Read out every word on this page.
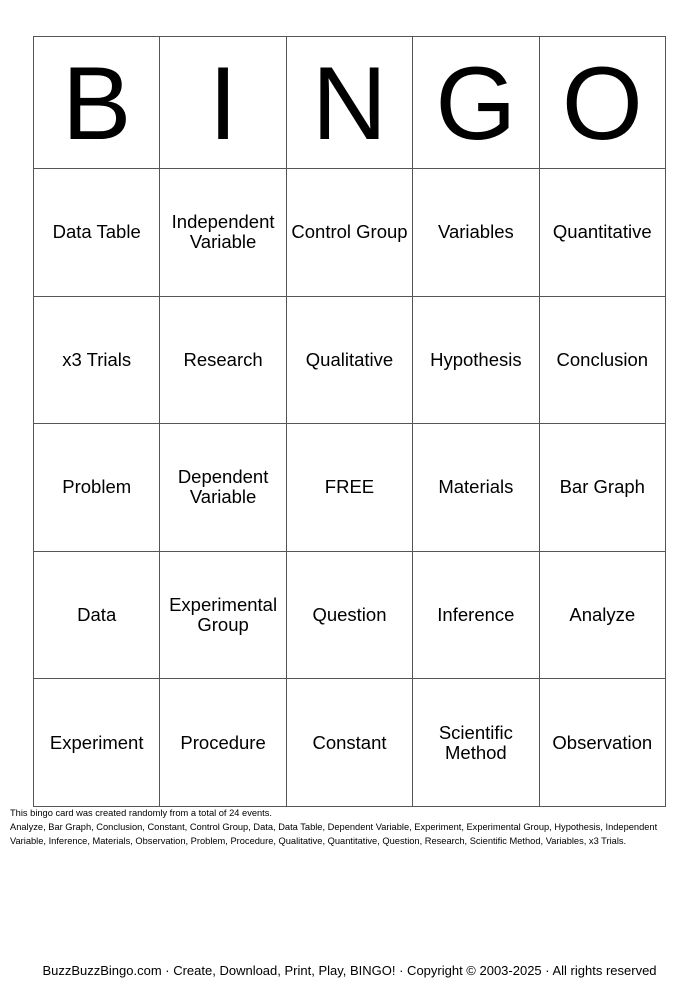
B	I	N	G	O
Data Table	Independent Variable	Control Group	Variables	Quantitative
x3 Trials	Research	Qualitative	Hypothesis	Conclusion
Problem	Dependent Variable	FREE	Materials	Bar Graph
Data	Experimental Group	Question	Inference	Analyze
Experiment	Procedure	Constant	Scientific Method	Observation
This bingo card was created randomly from a total of 24 events.
Analyze, Bar Graph, Conclusion, Constant, Control Group, Data, Data Table, Dependent Variable, Experiment, Experimental Group, Hypothesis, Independent Variable, Inference, Materials, Observation, Problem, Procedure, Qualitative, Quantitative, Question, Research, Scientific Method, Variables, x3 Trials.
BuzzBuzzBingo.com · Create, Download, Print, Play, BINGO! · Copyright © 2003-2025 · All rights reserved
